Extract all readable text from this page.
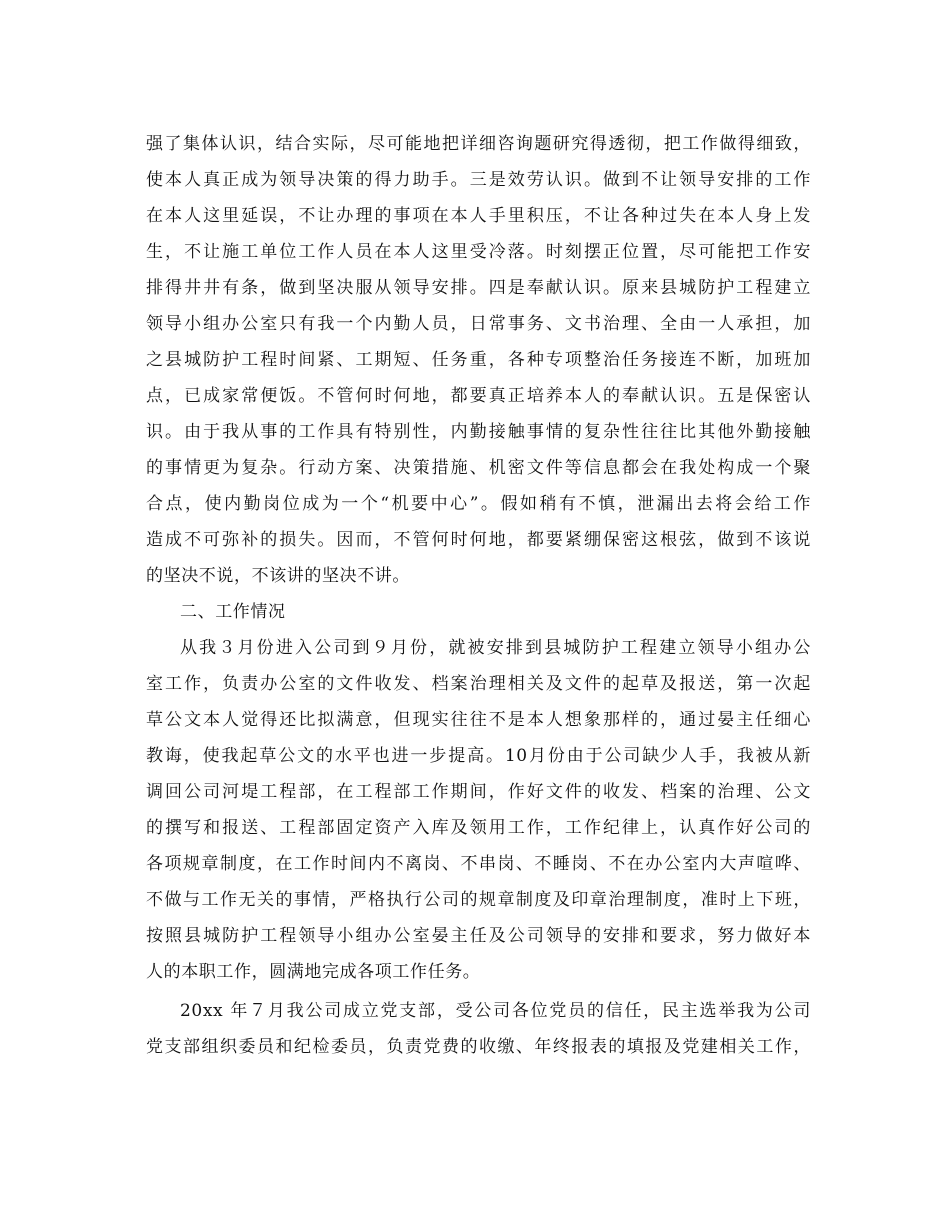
强了集体认识，结合实际，尽可能地把详细咨询题研究得透彻，把工作做得细致，
使本人真正成为领导决策的得力助手。三是效劳认识。做到不让领导安排的工作
在本人这里延误，不让办理的事项在本人手里积压，不让各种过失在本人身上发
生，不让施工单位工作人员在本人这里受冷落。时刻摆正位置，尽可能把工作安
排得井井有条，做到坚决服从领导安排。四是奉献认识。原来县城防护工程建立
领导小组办公室只有我一个内勤人员，日常事务、文书治理、全由一人承担，加
之县城防护工程时间紧、工期短、任务重，各种专项整治任务接连不断，加班加
点，已成家常便饭。不管何时何地，都要真正培养本人的奉献认识。五是保密认
识。由于我从事的工作具有特别性，内勤接触事情的复杂性往往比其他外勤接触
的事情更为复杂。行动方案、决策措施、机密文件等信息都会在我处构成一个聚
合点，使内勤岗位成为一个“机要中心”。假如稍有不慎，泄漏出去将会给工作
造成不可弥补的损失。因而，不管何时何地，都要紧绷保密这根弦，做到不该说
的坚决不说，不该讲的坚决不讲。
二、工作情况
从我３月份进入公司到９月份，就被安排到县城防护工程建立领导小组办公
室工作，负责办公室的文件收发、档案治理相关及文件的起草及报送，第一次起
草公文本人觉得还比拟满意，但现实往往不是本人想象那样的，通过晏主任细心
教诲，使我起草公文的水平也进一步提高。10月份由于公司缺少人手，我被从新
调回公司河堤工程部，在工程部工作期间，作好文件的收发、档案的治理、公文
的撰写和报送、工程部固定资产入库及领用工作，工作纪律上，认真作好公司的
各项规章制度，在工作时间内不离岗、不串岗、不睡岗、不在办公室内大声喧哗、
不做与工作无关的事情，严格执行公司的规章制度及印章治理制度，准时上下班，
按照县城防护工程领导小组办公室晏主任及公司领导的安排和要求，努力做好本
人的本职工作，圆满地完成各项工作任务。
20xx 年７月我公司成立党支部，受公司各位党员的信任，民主选举我为公司
党支部组织委员和纪检委员，负责党费的收缴、年终报表的填报及党建相关工作，
